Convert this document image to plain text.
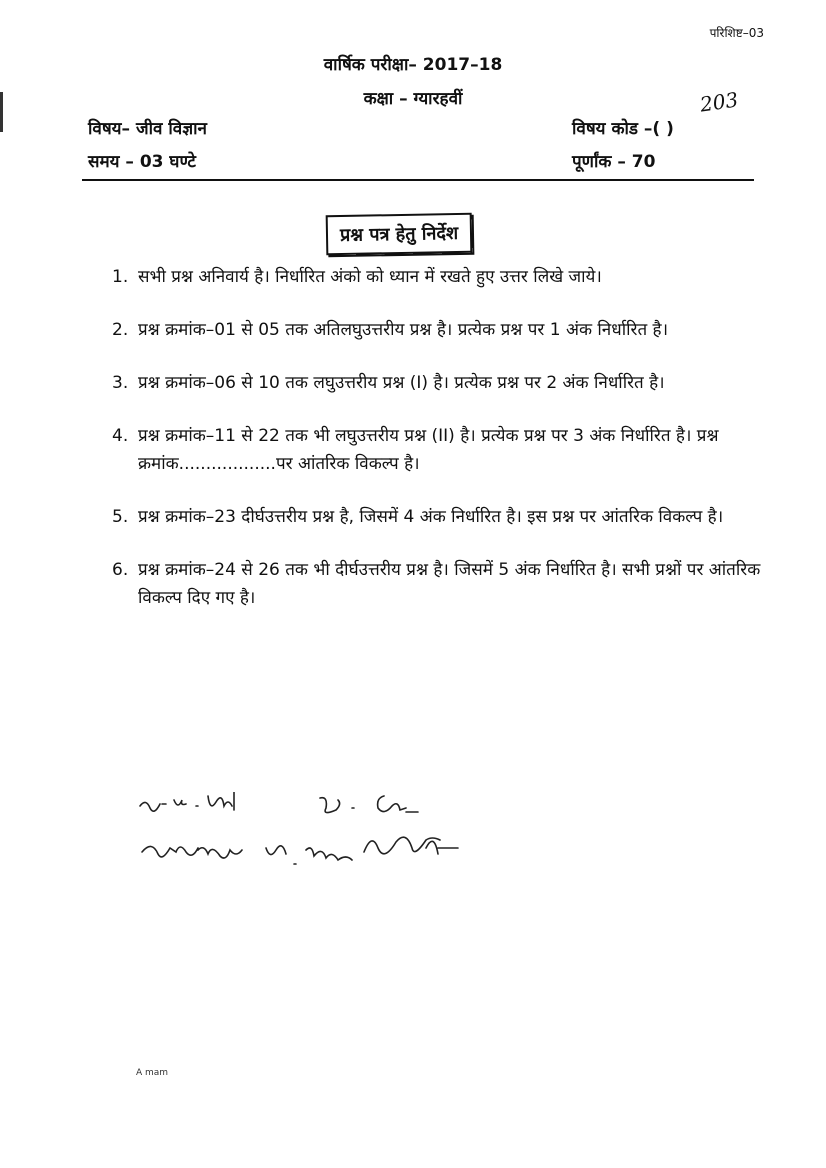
परिशिष्ट–03
वार्षिक परीक्षा– 2017–18
कक्षा – ग्यारहवीं
विषय– जीव विज्ञान
समय – 03 घण्टे
विषय कोड –( )
203
पूर्णांक – 70
प्रश्न पत्र हेतु निर्देश
1. सभी प्रश्न अनिवार्य है। निर्धारित अंको को ध्यान में रखते हुए उत्तर लिखे जाये।
2. प्रश्न क्रमांक–01 से 05 तक अतिलघुउत्तरीय प्रश्न है। प्रत्येक प्रश्न पर 1 अंक निर्धारित है।
3. प्रश्न क्रमांक–06 से 10 तक लघुउत्तरीय प्रश्न (I) है। प्रत्येक प्रश्न पर 2 अंक निर्धारित है।
4. प्रश्न क्रमांक–11 से 22 तक भी लघुउत्तरीय प्रश्न (II) है। प्रत्येक प्रश्न पर 3 अंक निर्धारित है। प्रश्न क्रमांक..................पर आंतरिक विकल्प है।
5. प्रश्न क्रमांक–23 दीर्घउत्तरीय प्रश्न है, जिसमें 4 अंक निर्धारित है। इस प्रश्न पर आंतरिक विकल्प है।
6. प्रश्न क्रमांक–24 से 26 तक भी दीर्घउत्तरीय प्रश्न है। जिसमें 5 अंक निर्धारित है। सभी प्रश्नों पर आंतरिक विकल्प दिए गए है।
A mam
